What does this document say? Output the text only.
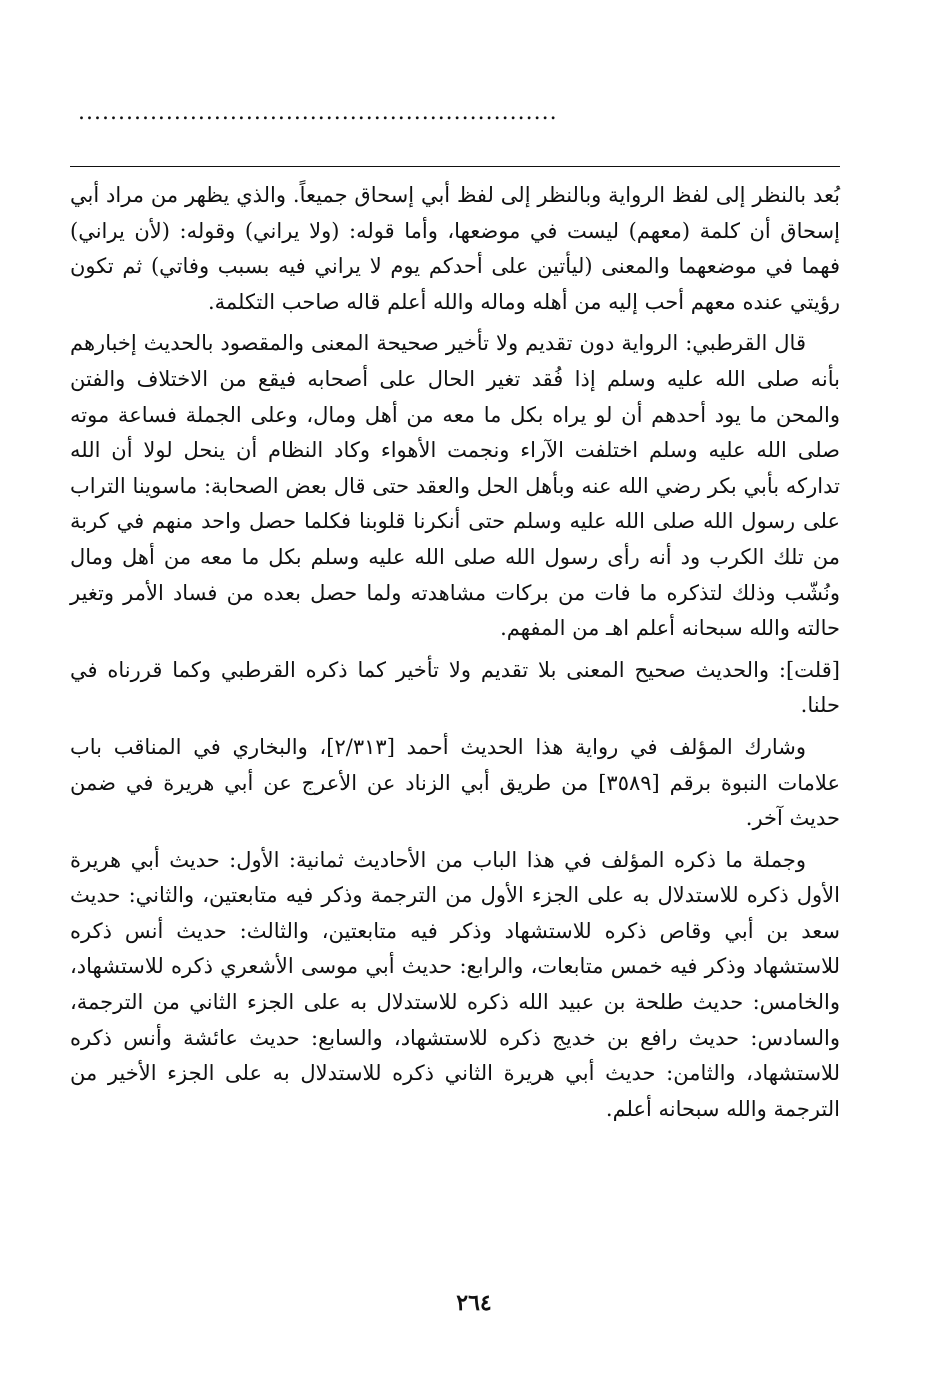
............................................................

بُعد بالنظر إلى لفظ الرواية وبالنظر إلى لفظ أبي إسحاق جميعاً. والذي يظهر من مراد أبي إسحاق أن كلمة (معهم) ليست في موضعها، وأما قوله: (ولا يراني) وقوله: (لأن يراني) فهما في موضعهما والمعنى (ليأتين على أحدكم يوم لا يراني فيه بسبب وفاتي) ثم تكون رؤيتي عنده معهم أحب إليه من أهله وماله والله أعلم قاله صاحب التكلمة.

قال القرطبي: الرواية دون تقديم ولا تأخير صحيحة المعنى والمقصود بالحديث إخبارهم بأنه صلى الله عليه وسلم إذا فُقد تغير الحال على أصحابه فيقع من الاختلاف والفتن والمحن ما يود أحدهم أن لو يراه بكل ما معه من أهل ومال، وعلى الجملة فساعة موته صلى الله عليه وسلم اختلفت الآراء ونجمت الأهواء وكاد النظام أن ينحل لولا أن الله تداركه بأبي بكر رضي الله عنه وبأهل الحل والعقد حتى قال بعض الصحابة: ماسوينا التراب على رسول الله صلى الله عليه وسلم حتى أنكرنا قلوبنا فكلما حصل واحد منهم في كربة من تلك الكرب ود أنه رأى رسول الله صلى الله عليه وسلم بكل ما معه من أهل ومال ونُشّب وذلك لتذكره ما فات من بركات مشاهدته ولما حصل بعده من فساد الأمر وتغير حالته والله سبحانه أعلم اهـ من المفهم.

[قلت]: والحديث صحيح المعنى بلا تقديم ولا تأخير كما ذكره القرطبي وكما قررناه في حلنا.

وشارك المؤلف في رواية هذا الحديث أحمد [٢/٣١٣]، والبخاري في المناقب باب علامات النبوة برقم [٣٥٨٩] من طريق أبي الزناد عن الأعرج عن أبي هريرة في ضمن حديث آخر.

وجملة ما ذكره المؤلف في هذا الباب من الأحاديث ثمانية: الأول: حديث أبي هريرة الأول ذكره للاستدلال به على الجزء الأول من الترجمة وذكر فيه متابعتين، والثاني: حديث سعد بن أبي وقاص ذكره للاستشهاد وذكر فيه متابعتين، والثالث: حديث أنس ذكره للاستشهاد وذكر فيه خمس متابعات، والرابع: حديث أبي موسى الأشعري ذكره للاستشهاد، والخامس: حديث طلحة بن عبيد الله ذكره للاستدلال به على الجزء الثاني من الترجمة، والسادس: حديث رافع بن خديج ذكره للاستشهاد، والسابع: حديث عائشة وأنس ذكره للاستشهاد، والثامن: حديث أبي هريرة الثاني ذكره للاستدلال به على الجزء الأخير من الترجمة والله سبحانه أعلم.

٢٦٤
